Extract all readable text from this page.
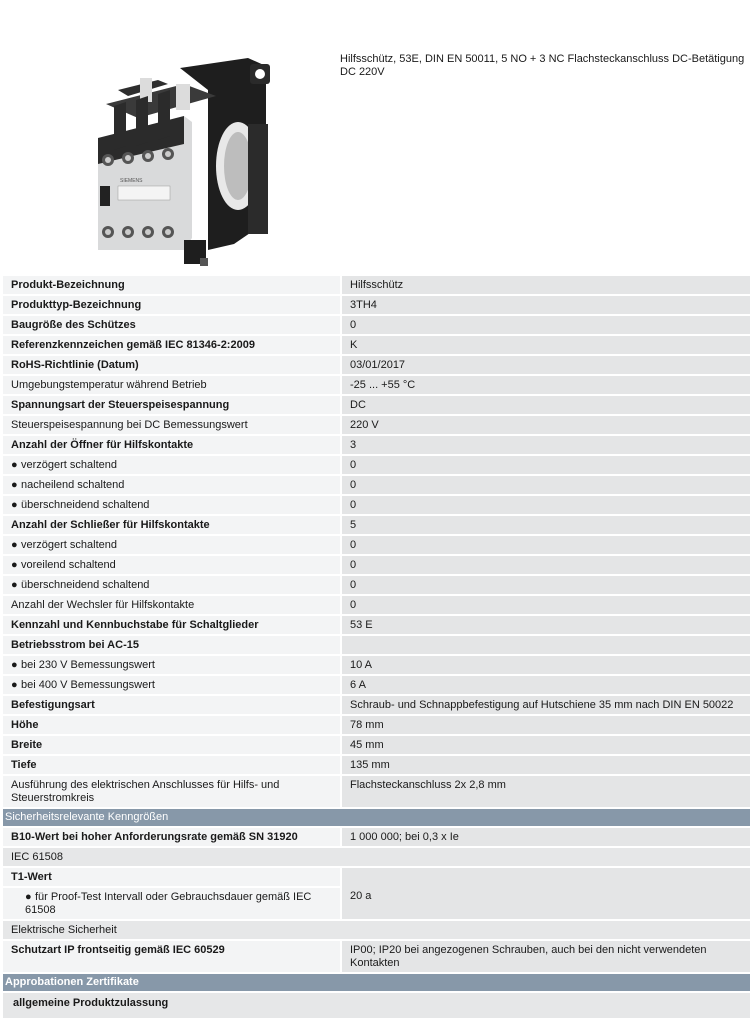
SIEMENS
Hilfsschütz, 53E, DIN EN 50011, 5 NO + 3 NC Flachsteckanschluss DC-Betätigung DC 220V
Produkt-Bezeichnung	Hilfsschütz
Produkttyp-Bezeichnung	3TH4
Baugröße des Schützes	0
Referenzkennzeichen gemäß IEC 81346-2:2009	K
RoHS-Richtlinie (Datum)	03/01/2017
Umgebungstemperatur während Betrieb	-25 ... +55 °C
Spannungsart der Steuerspeisespannung	DC
Steuerspeisespannung bei DC Bemessungswert	220 V
Anzahl der Öffner für Hilfskontakte	3
● verzögert schaltend	0
● nacheilend schaltend	0
● überschneidend schaltend	0
Anzahl der Schließer für Hilfskontakte	5
● verzögert schaltend	0
● voreilend schaltend	0
● überschneidend schaltend	0
Anzahl der Wechsler für Hilfskontakte	0
Kennzahl und Kennbuchstabe für Schaltglieder	53 E
Betriebsstrom bei AC-15	
● bei 230 V Bemessungswert	10 A
● bei 400 V Bemessungswert	6 A
Befestigungsart	Schraub- und Schnappbefestigung auf Hutschiene 35 mm nach DIN EN 50022
Höhe	78 mm
Breite	45 mm
Tiefe	135 mm
Ausführung des elektrischen Anschlusses für Hilfs- und Steuerstromkreis	Flachsteckanschluss 2x 2,8 mm
Sicherheitsrelevante Kenngrößen	
B10-Wert bei hoher Anforderungsrate gemäß SN 31920	1 000 000; bei 0,3 x Ie
IEC 61508	
T1-Wert	20 a

● für Proof-Test Intervall oder Gebrauchsdauer gemäß IEC 61508	
Elektrische Sicherheit	
Schutzart IP frontseitig gemäß IEC 60529	IP00; IP20 bei angezogenen Schrauben, auch bei den nicht verwendeten Kontakten
Approbationen Zertifikate	
allgemeine Produktzulassung	
